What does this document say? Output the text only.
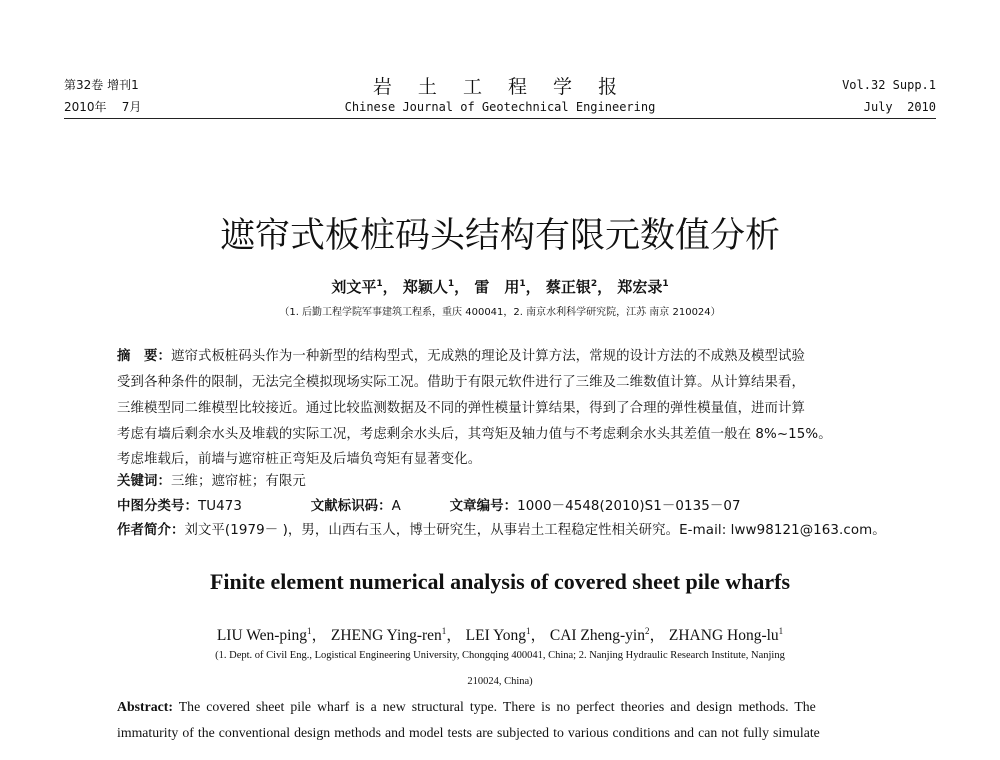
第32卷 增刊1
2010年    7月
岩 土 工 程 学 报
Chinese Journal of Geotechnical Engineering
Vol.32 Supp.1
July  2010
遮帘式板桩码头结构有限元数值分析
刘文平$^1$， 郑颖人$^1$， 雷　用$^1$， 蔡正银$^2$， 郑宏录$^1$
（1. 后勤工程学院军事建筑工程系，重庆 400041，2. 南京水利科学研究院，江苏 南京 210024）
摘　要：遮帘式板桩码头作为一种新型的结构型式，无成熟的理论及计算方法，常规的设计方法的不成熟及模型试验
受到各种条件的限制，无法完全模拟现场实际工况。借助于有限元软件进行了三维及二维数值计算。从计算结果看，
三维模型同二维模型比较接近。通过比较监测数据及不同的弹性模量计算结果，得到了合理的弹性模量值，进而计算
考虑有墙后剩余水头及堆载的实际工况，考虑剩余水头后，其弯矩及轴力值与不考虑剩余水头其差值一般在 8%~15%。
考虑堆载后，前墙与遮帘桩正弯矩及后墙负弯矩有显著变化。
关键词：三维；遮帘桩；有限元
中图分类号：TU473	文献标识码：A	文章编号：1000－4548(2010)S1－0135－07
作者简介：刘文平(1979－ )，男，山西右玉人，博士研究生，从事岩土工程稳定性相关研究。E-mail: lww98121@163.com。
Finite element numerical analysis of covered sheet pile wharfs
LIU Wen-ping$^1$， ZHENG Ying-ren$^1$， LEI Yong$^1$， CAI Zheng-yin$^2$， ZHANG Hong-$lu^1$
(1. Dept. of Civil Eng., Logistical Engineering University, Chongqing 400041, China; 2. Nanjing Hydraulic Research Institute, Nanjing
210024, China)
Abstract: The covered sheet pile wharf is a new structural type. There is no perfect theories and design methods. The
immaturity of the conventional design methods and model tests are subjected to various conditions and can not fully simulate
